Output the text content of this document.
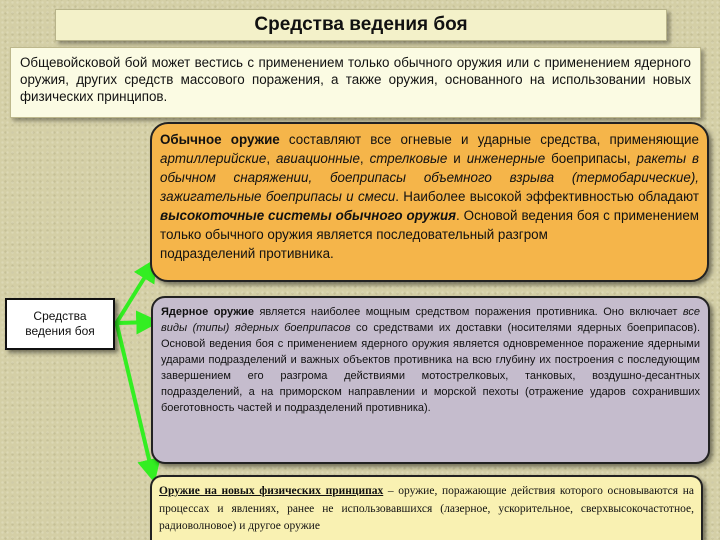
Средства ведения боя
Общевойсковой бой может вестись с применением только обычного оружия или с применением ядерного оружия, других средств массового поражения, а также оружия, основанного на использовании новых физических принципов.
Средства
ведения боя
Обычное оружие составляют все огневые и ударные средства, применяющие артиллерийские, авиационные, стрелковые и инженерные боеприпасы, ракеты в обычном снаряжении, боеприпасы объемного взрыва (термобарические), зажигательные боеприпасы и смеси. Наиболее высокой эффективностью обладают высокоточные системы обычного оружия. Основой ведения боя с применением только обычного оружия является последовательный разгром
подразделений противника.
Ядерное оружие является наиболее мощным средством поражения противника. Оно включает все виды (типы) ядерных боеприпасов со средствами их доставки (носителями ядерных боеприпасов). Основой ведения боя с применением ядерного оружия является одновременное поражение ядерными ударами подразделений и важных объектов противника на всю глубину их построения с последующим завершением его разгрома действиями мотострелковых, танковых, воздушно-десантных подразделений, а на приморском направлении и морской пехоты (отражение ударов сохранивших боеготовность частей и подразделений противника).
Оружие на новых физических принципах – оружие, поражающие действия которого основываются на процессах и явлениях, ранее не использовавшихся (лазерное, ускорительное, сверхвысокочастотное, радиоволновое) и другое оружие
